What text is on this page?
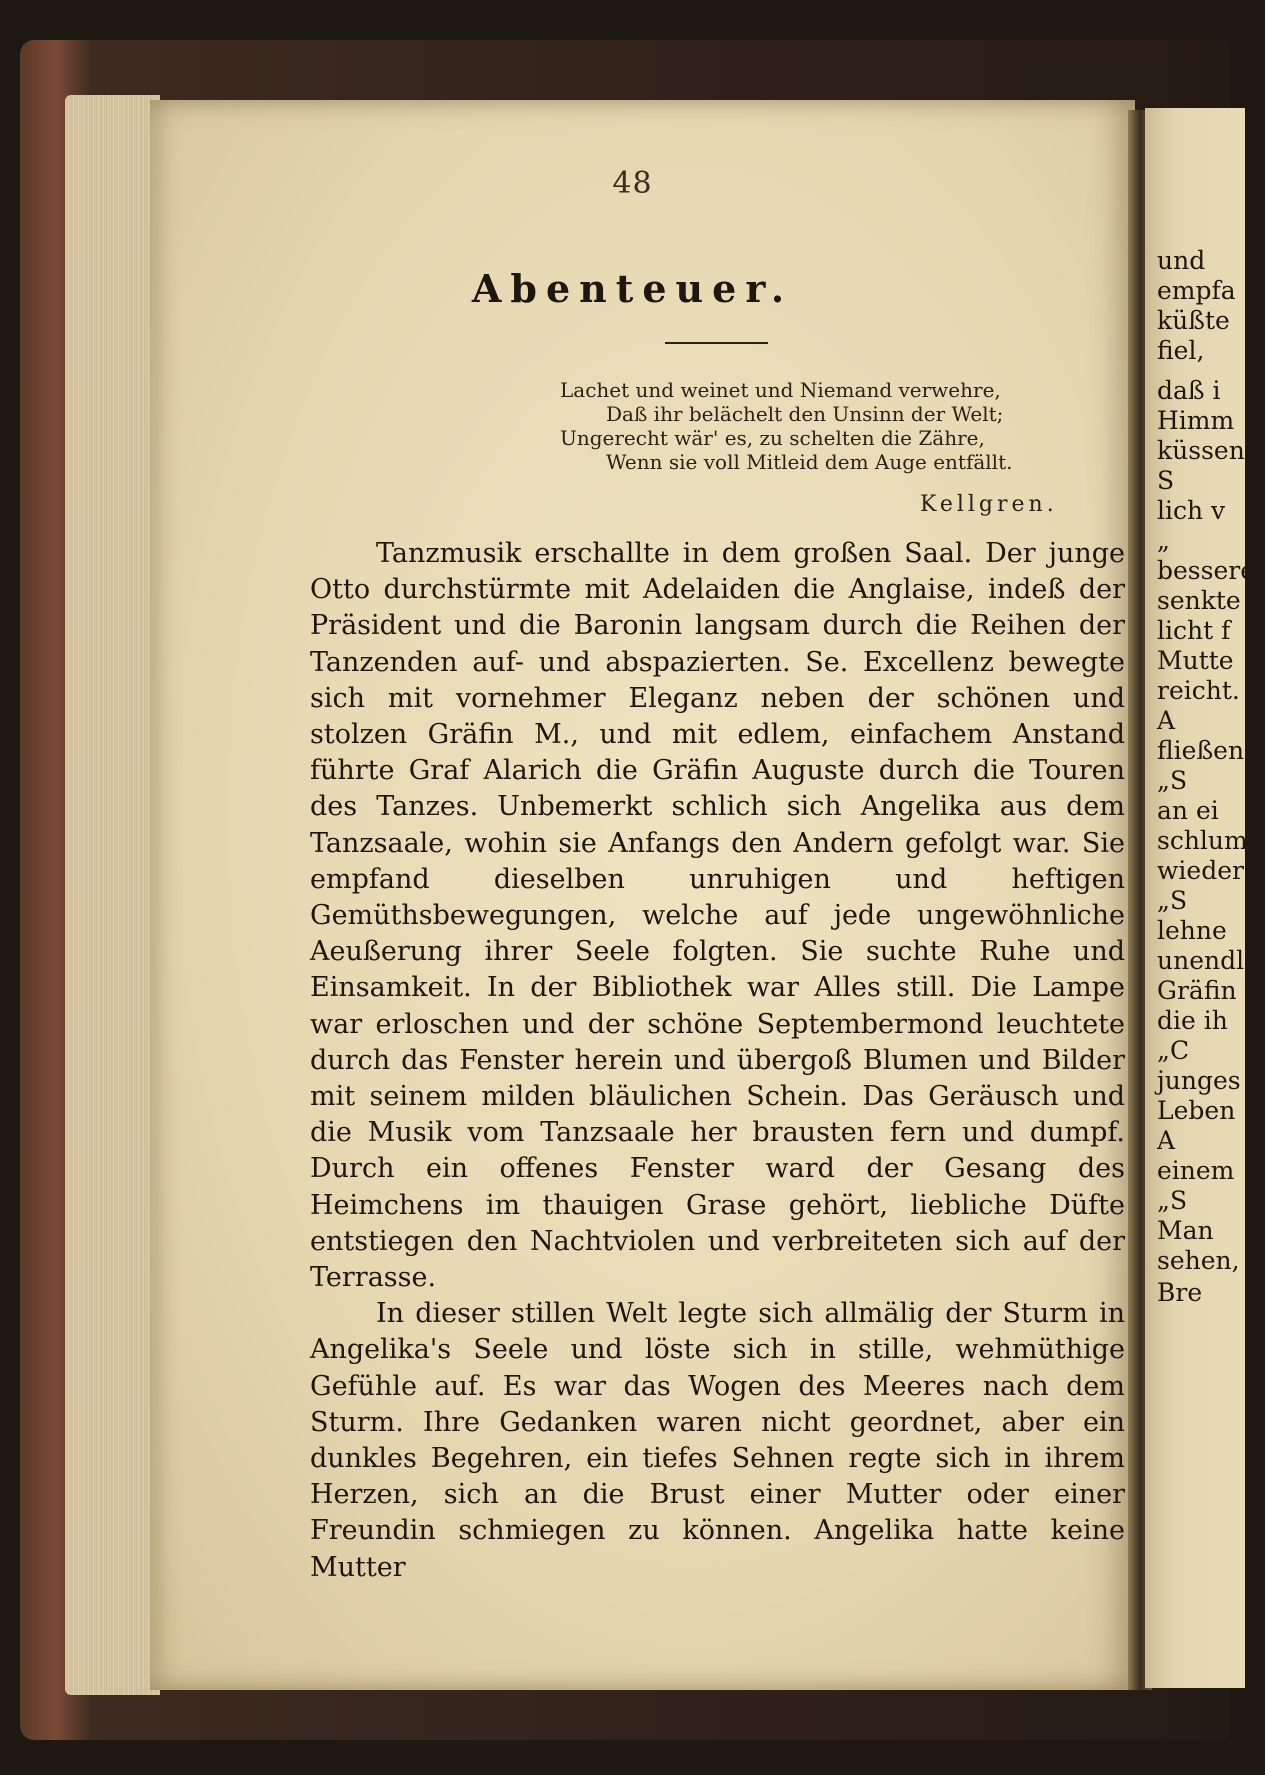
und
empfa
küßte
fiel,
daß i
Himm
küssen
S
lich v
„
bessere
senkte
licht f
Mutte
reicht.
A
fließen
„S
an ei
schlum
wieder
„S
lehne
unendl
Gräfin
die ih
„C
junges
Leben
A
einem
„S
Man
sehen,
Bre
48
Abenteuer.
Lachet und weinet und Niemand verwehre,
Daß ihr belächelt den Unsinn der Welt;
Ungerecht wär' es, zu schelten die Zähre,
Wenn sie voll Mitleid dem Auge entfällt.
Kellgren.

Tanzmusik erschallte in dem großen Saal. Der junge Otto durchstürmte mit Adelaiden die Anglaise, indeß der Präsident und die Baronin langsam durch die Reihen der Tanzenden auf- und abspazierten. Se. Excellenz bewegte sich mit vornehmer Eleganz neben der schönen und stolzen Gräfin M., und mit edlem, einfachem Anstand führte Graf Alarich die Gräfin Auguste durch die Touren des Tanzes. Unbemerkt schlich sich Angelika aus dem Tanzsaale, wohin sie Anfangs den Andern gefolgt war. Sie empfand dieselben unruhigen und heftigen Gemüthsbewegungen, welche auf jede ungewöhnliche Aeußerung ihrer Seele folgten. Sie suchte Ruhe und Einsamkeit. In der Bibliothek war Alles still. Die Lampe war erloschen und der schöne Septembermond leuchtete durch das Fenster herein und übergoß Blumen und Bilder mit seinem milden bläulichen Schein. Das Geräusch und die Musik vom Tanzsaale her brausten fern und dumpf. Durch ein offenes Fenster ward der Gesang des Heimchens im thauigen Grase gehört, liebliche Düfte entstiegen den Nachtviolen und verbreiteten sich auf der Terrasse.

In dieser stillen Welt legte sich allmälig der Sturm in Angelika's Seele und löste sich in stille, wehmüthige Gefühle auf. Es war das Wogen des Meeres nach dem Sturm. Ihre Gedanken waren nicht geordnet, aber ein dunkles Begehren, ein tiefes Sehnen regte sich in ihrem Herzen, sich an die Brust einer Mutter oder einer Freundin schmiegen zu können. Angelika hatte keine Mutter
